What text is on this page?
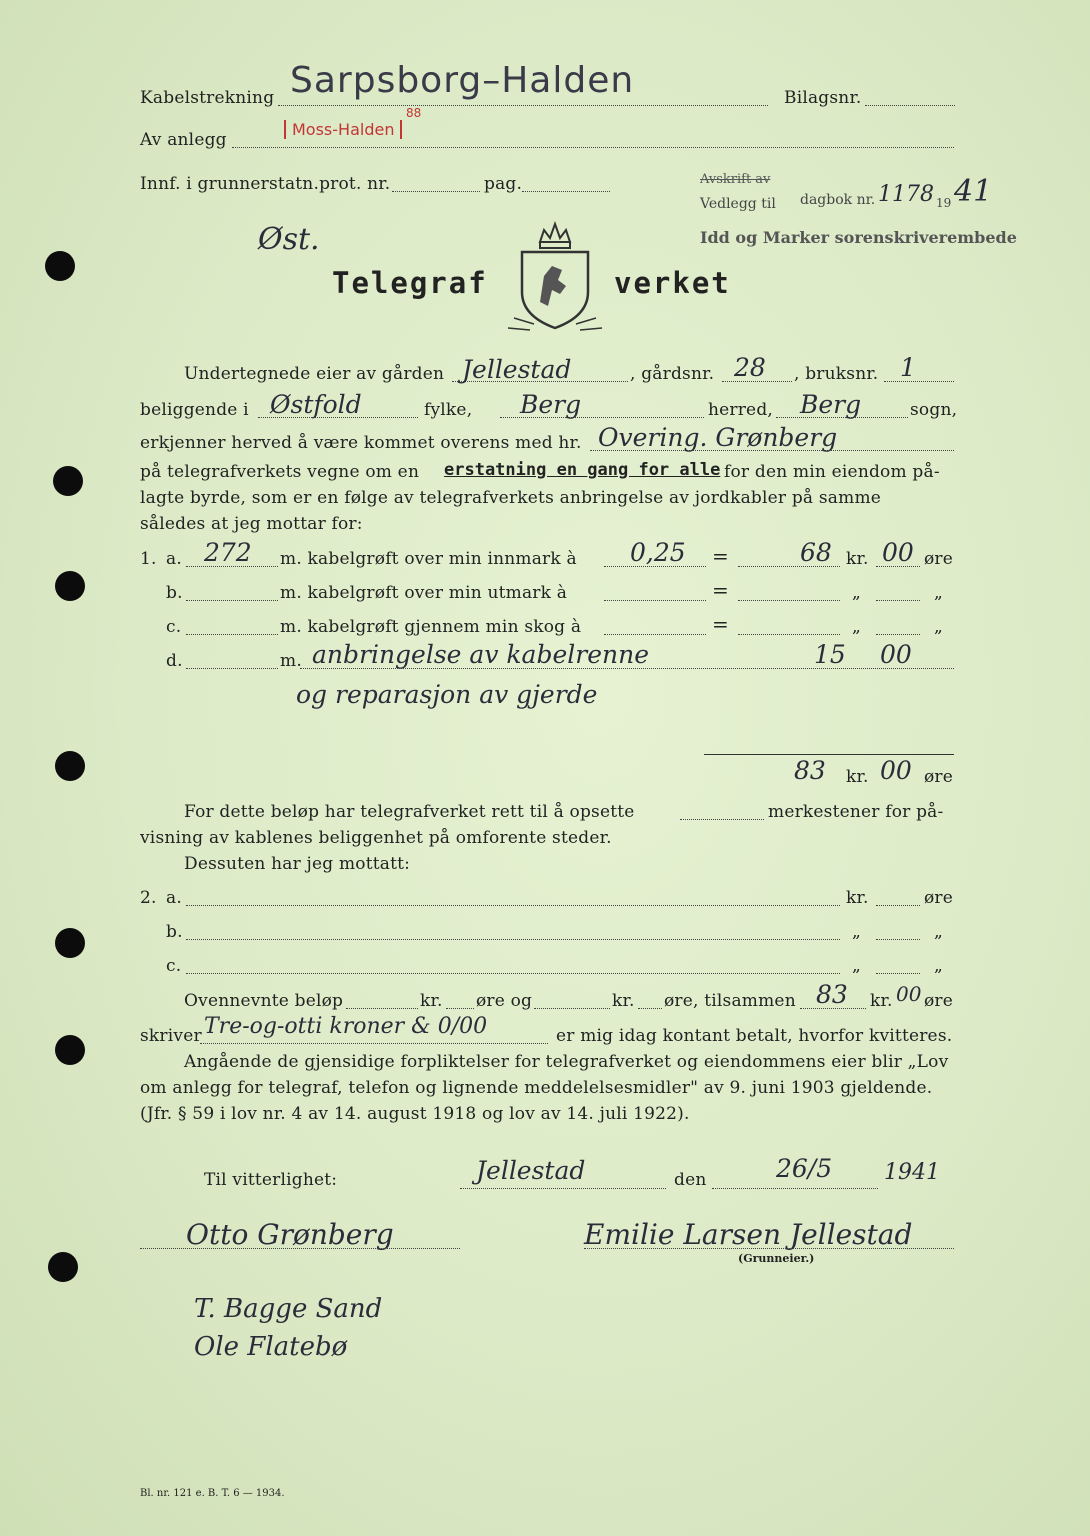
Kabelstrekning Sarpsborg–Halden	Bilagsnr.
Av anlegg
Moss-Halden
88
Innf. i grunnerstatn.prot. nr.	pag.	Avskrift av
Vedlegg til dagbok nr. 1178 19 41
Idd og Marker sorenskriverembede
Øst.
Telegraf	verket
Undertegnede eier av gården Jellestad	, gårdsnr. 28 , bruksnr. 1
beliggende i Østfold	fylke, Berg	herred, Berg	sogn,
erkjenner herved å være kommet overens med hr. Overing. Grønberg
på telegrafverkets vegne om en erstatning en gang for alle for den min eiendom på-
lagte byrde, som er en følge av telegrafverkets anbringelse av jordkabler på samme
således at jeg mottar for:
1. a. 272 m. kabelgrøft over min innmark à 0,25 =	68 kr. 00 øre
b.	m. kabelgrøft over min utmark à	=	„	„
c.	m. kabelgrøft gjennem min skog à	=	„	„
d.	m. anbringelse av kabelrenne	15 00
og reparasjon av gjerde
83 kr. 00 øre
For dette beløp har telegrafverket rett til å opsette	merkestener for på-
visning av kablenes beliggenhet på omforente steder.
Dessuten har jeg mottatt:
2. a.	kr.	øre
b.	„	„
c.	„	„
Ovennevnte beløp	kr. øre og	kr. øre, tilsammen 83 kr. 00 øre
skriver Tre-og-otti kroner & 0/00	er mig idag kontant betalt, hvorfor kvitteres.
Angående de gjensidige forpliktelser for telegrafverket og eiendommens eier blir „Lov
om anlegg for telegraf, telefon og lignende meddelelsesmidler" av 9. juni 1903 gjeldende.
(Jfr. § 59 i lov nr. 4 av 14. august 1918 og lov av 14. juli 1922).
Til vitterlighet:	Jellestad	den	26/5 1941
Otto Grønberg	Emilie Larsen Jellestad
(Grunneier.)
T. Bagge Sand
Ole Flatebø
Bl. nr. 121 e. B. T. 6 — 1934.
